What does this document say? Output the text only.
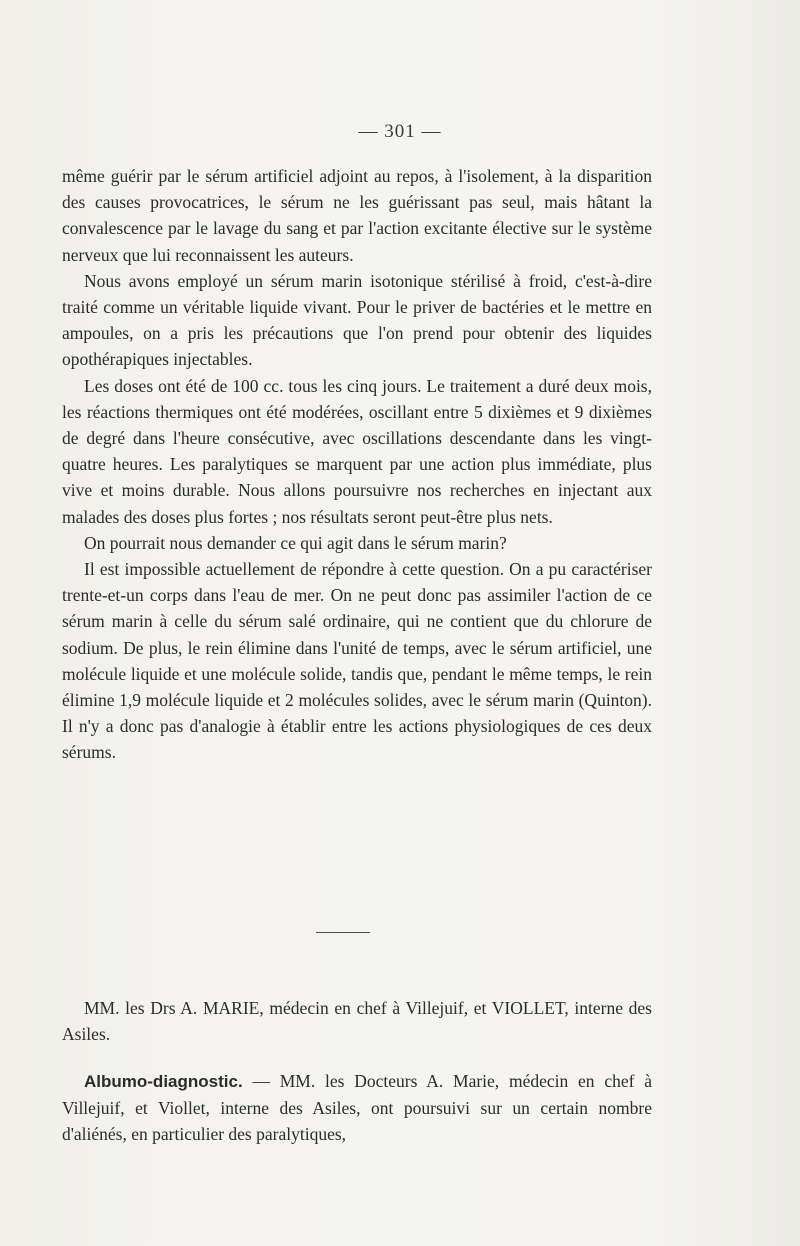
— 301 —

même guérir par le sérum artificiel adjoint au repos, à l'isolement, à la disparition des causes provocatrices, le sérum ne les guérissant pas seul, mais hâtant la convalescence par le lavage du sang et par l'action excitante élective sur le système nerveux que lui reconnaissent les auteurs.

Nous avons employé un sérum marin isotonique stérilisé à froid, c'est-à-dire traité comme un véritable liquide vivant. Pour le priver de bactéries et le mettre en ampoules, on a pris les précautions que l'on prend pour obtenir des liquides opothérapiques injectables.

Les doses ont été de 100 cc. tous les cinq jours. Le traitement a duré deux mois, les réactions thermiques ont été modérées, oscillant entre 5 dixièmes et 9 dixièmes de degré dans l'heure consécutive, avec oscillations descendante dans les vingt-quatre heures. Les paralytiques se marquent par une action plus immédiate, plus vive et moins durable. Nous allons poursuivre nos recherches en injectant aux malades des doses plus fortes ; nos résultats seront peut-être plus nets.

On pourrait nous demander ce qui agit dans le sérum marin?

Il est impossible actuellement de répondre à cette question. On a pu caractériser trente-et-un corps dans l'eau de mer. On ne peut donc pas assimiler l'action de ce sérum marin à celle du sérum salé ordinaire, qui ne contient que du chlorure de sodium. De plus, le rein élimine dans l'unité de temps, avec le sérum artificiel, une molécule liquide et une molécule solide, tandis que, pendant le même temps, le rein élimine 1,9 molécule liquide et 2 molécules solides, avec le sérum marin (Quinton). Il n'y a donc pas d'analogie à établir entre les actions physiologiques de ces deux sérums.

MM. les Drs A. MARIE, médecin en chef à Villejuif, et VIOLLET, interne des Asiles.

Albumo-diagnostic. — MM. les Docteurs A. Marie, médecin en chef à Villejuif, et Viollet, interne des Asiles, ont poursuivi sur un certain nombre d'aliénés, en particulier des paralytiques,
